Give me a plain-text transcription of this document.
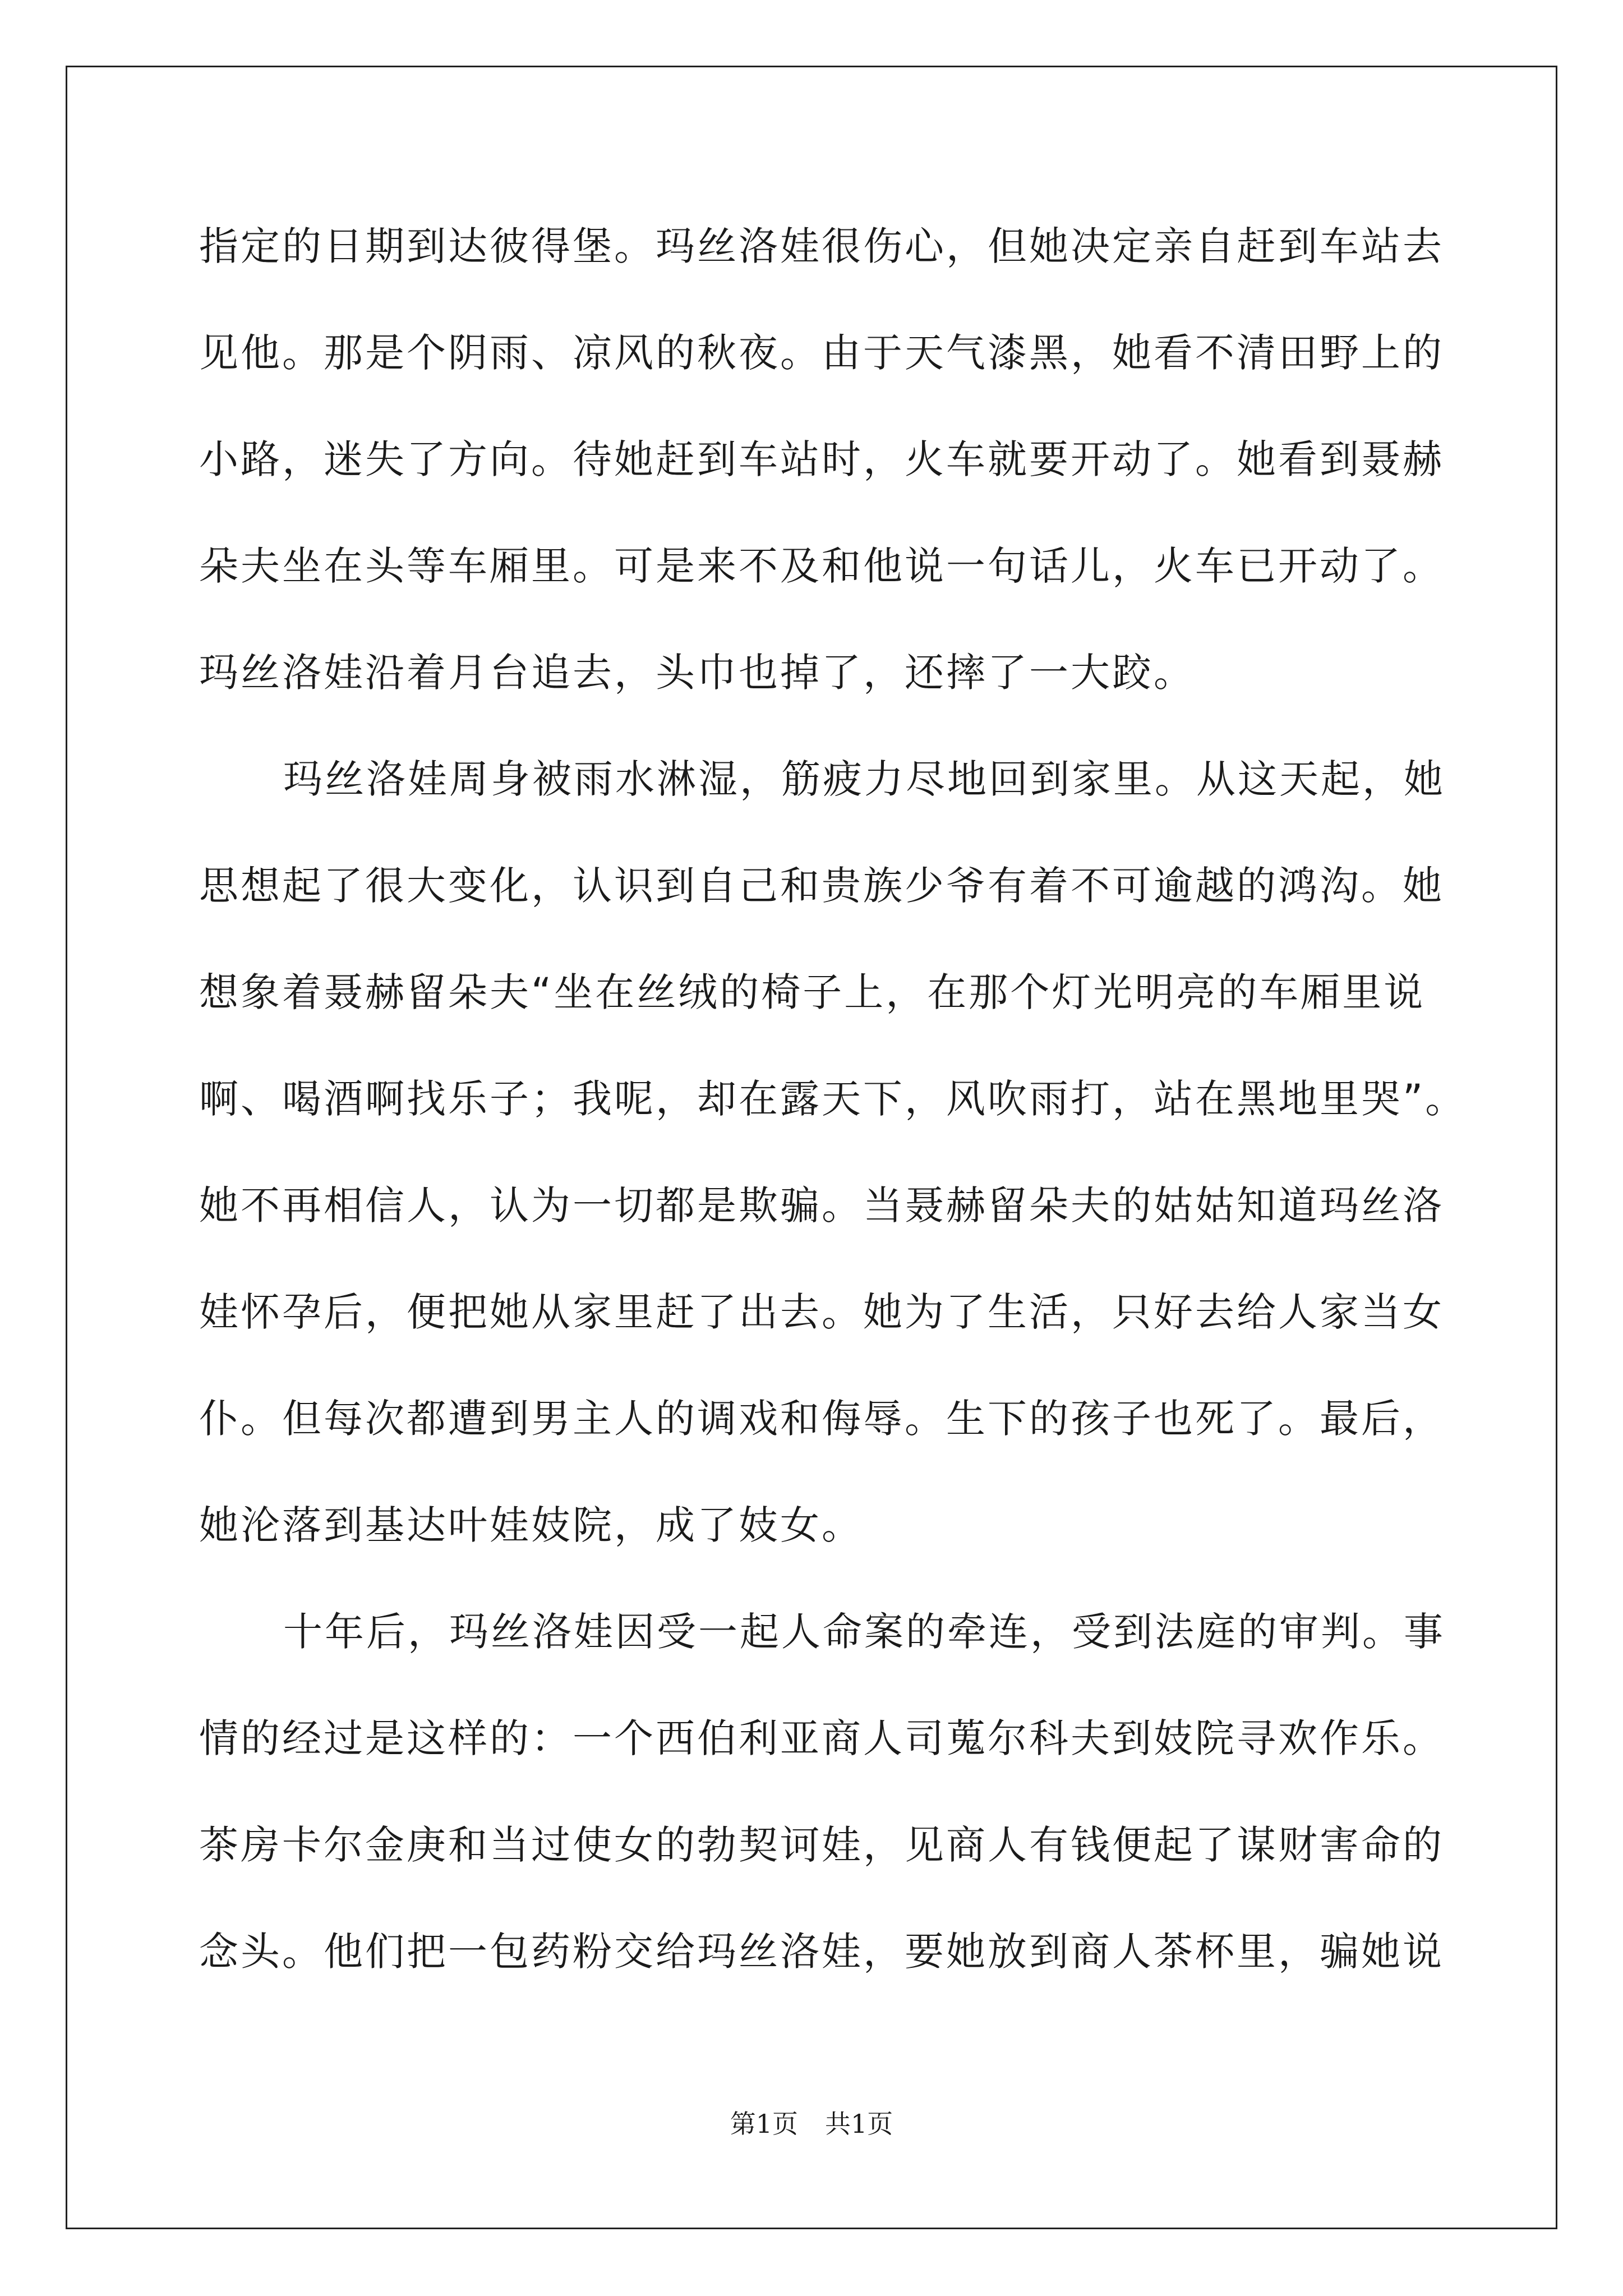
指定的日期到达彼得堡。玛丝洛娃很伤心，但她决定亲自赶到车站去
见他。那是个阴雨、凉风的秋夜。由于天气漆黑，她看不清田野上的
小路，迷失了方向。待她赶到车站时，火车就要开动了。她看到聂赫
朵夫坐在头等车厢里。可是来不及和他说一句话儿，火车已开动了。
玛丝洛娃沿着月台追去，头巾也掉了，还摔了一大跤。
玛丝洛娃周身被雨水淋湿，筋疲力尽地回到家里。从这天起，她
思想起了很大变化，认识到自己和贵族少爷有着不可逾越的鸿沟。她
想象着聂赫留朵夫“坐在丝绒的椅子上，在那个灯光明亮的车厢里说
啊、喝酒啊找乐子；我呢，却在露天下，风吹雨打，站在黑地里哭”。
她不再相信人，认为一切都是欺骗。当聂赫留朵夫的姑姑知道玛丝洛
娃怀孕后，便把她从家里赶了出去。她为了生活，只好去给人家当女
仆。但每次都遭到男主人的调戏和侮辱。生下的孩子也死了。最后，
她沦落到基达叶娃妓院，成了妓女。
十年后，玛丝洛娃因受一起人命案的牵连，受到法庭的审判。事
情的经过是这样的：一个西伯利亚商人司蒐尔科夫到妓院寻欢作乐。
茶房卡尔金庚和当过使女的勃契诃娃，见商人有钱便起了谋财害命的
念头。他们把一包药粉交给玛丝洛娃，要她放到商人茶杯里，骗她说
第1页 共1页
